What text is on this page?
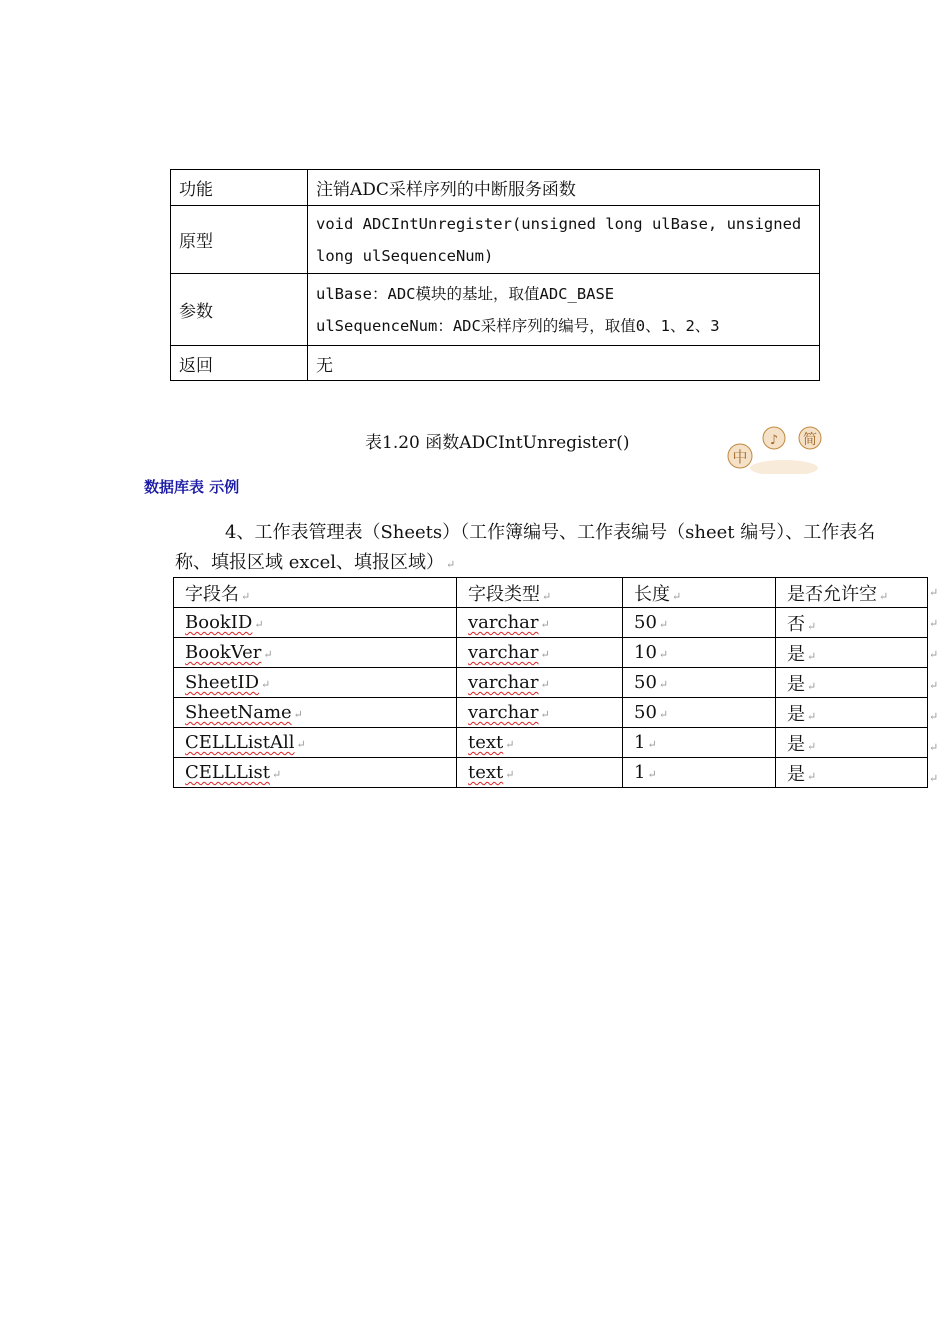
功能	注销ADC采样序列的中断服务函数
原型	void ADCIntUnregister(unsigned long ulBase, unsigned
long ulSequenceNum)

参数	ulBase：ADC模块的基址，取值ADC_BASE
ulSequenceNum：ADC采样序列的编号，取值0、1、2、3

返回	无
表1.20 函数ADCIntUnregister()
中
♪ 简
数据库表 示例
4、工作表管理表（Sheets）（工作簿编号、工作表编号（sheet 编号）、工作表名
称、填报区域 excel、填报区域） ↵
字段名 ↵	字段类型 ↵	长度 ↵	是否允许空 ↵
BookID ↵	varchar ↵	50 ↵	否 ↵
BookVer ↵	varchar ↵	10 ↵	是 ↵
SheetID ↵	varchar ↵	50 ↵	是 ↵
SheetName ↵	varchar ↵	50 ↵	是 ↵
CELLListAll ↵	text ↵	1 ↵	是 ↵
CELLList ↵	text ↵	1 ↵	是 ↵
↵
↵
↵
↵
↵
↵
↵
